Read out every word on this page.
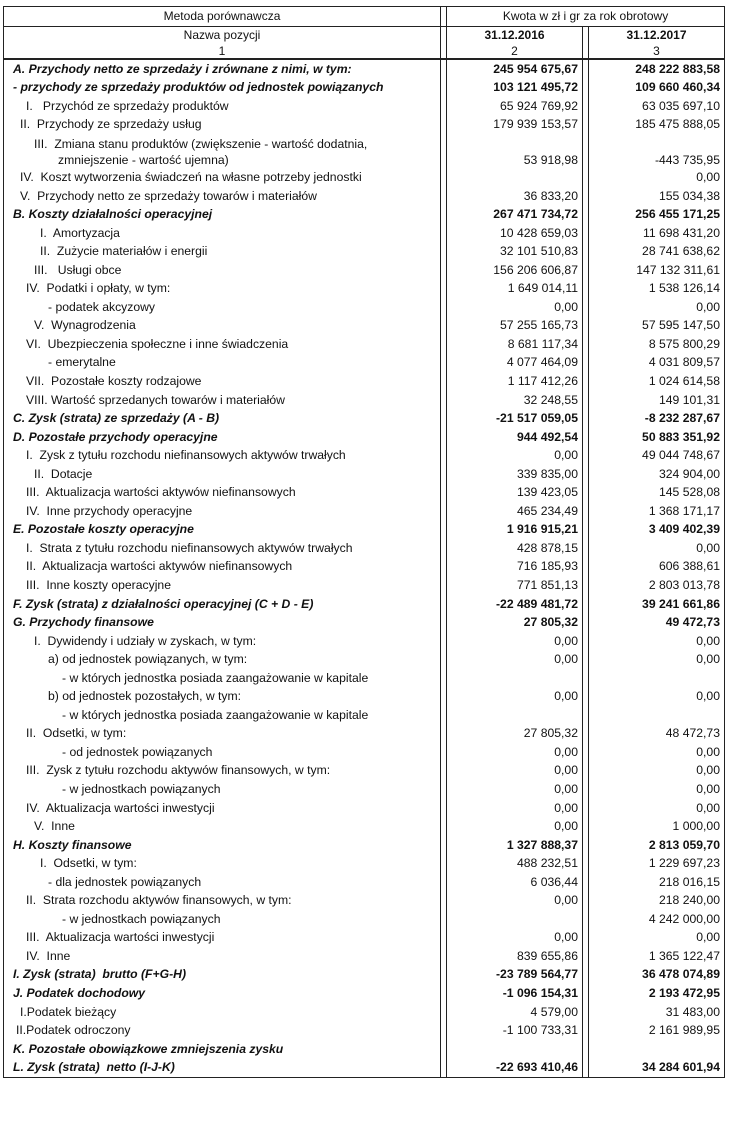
Metoda porównawcza		Kwota w zł i gr za rok obrotowy		
Nazwa pozycji		31.12.2016		31.12.2017
1		2		3

A. Przychody netto ze sprzedaży i zrównane z nimi, w tym:		245 954 675,67		248 222 883,58

- przychody ze sprzedaży produktów od jednostek powiązanych		103 121 495,72		109 660 460,34

I.   Przychód ze sprzedaży produktów		65 924 769,92		63 035 697,10

II.  Przychody ze sprzedaży usług		179 939 153,57		185 475 888,05

III.  Zmiana stanu produktów (zwiększenie - wartość dodatnia,
zmniejszenie - wartość ujemna)		53 918,98		-443 735,95

IV.  Koszt wytworzenia świadczeń na własne potrzeby jednostki				0,00

V.  Przychody netto ze sprzedaży towarów i materiałów		36 833,20		155 034,38

B. Koszty działalności operacyjnej		267 471 734,72		256 455 171,25

I.  Amortyzacja		10 428 659,03		11 698 431,20

II.  Zużycie materiałów i energii		32 101 510,83		28 741 638,62

III.   Usługi obce		156 206 606,87		147 132 311,61

IV.  Podatki i opłaty, w tym:		1 649 014,11		1 538 126,14

- podatek akcyzowy		0,00		0,00

V.  Wynagrodzenia		57 255 165,73		57 595 147,50

VI.  Ubezpieczenia społeczne i inne świadczenia		8 681 117,34		8 575 800,29

- emerytalne		4 077 464,09		4 031 809,57

VII.  Pozostałe koszty rodzajowe		1 117 412,26		1 024 614,58

VIII. Wartość sprzedanych towarów i materiałów		32 248,55		149 101,31

C. Zysk (strata) ze sprzedaży (A - B)		-21 517 059,05		-8 232 287,67

D. Pozostałe przychody operacyjne		944 492,54		50 883 351,92

I.  Zysk z tytułu rozchodu niefinansowych aktywów trwałych		0,00		49 044 748,67

II.  Dotacje		339 835,00		324 904,00

III.  Aktualizacja wartości aktywów niefinansowych		139 423,05		145 528,08

IV.  Inne przychody operacyjne		465 234,49		1 368 171,17

E. Pozostałe koszty operacyjne		1 916 915,21		3 409 402,39

I.  Strata z tytułu rozchodu niefinansowych aktywów trwałych		428 878,15		0,00

II.  Aktualizacja wartości aktywów niefinansowych		716 185,93		606 388,61

III.  Inne koszty operacyjne		771 851,13		2 803 013,78

F. Zysk (strata) z działalności operacyjnej (C + D - E)		-22 489 481,72		39 241 661,86

G. Przychody finansowe		27 805,32		49 472,73

I.  Dywidendy i udziały w zyskach, w tym:		0,00		0,00

a) od jednostek powiązanych, w tym:		0,00		0,00

- w których jednostka posiada zaangażowanie w kapitale				

b) od jednostek pozostałych, w tym:		0,00		0,00

- w których jednostka posiada zaangażowanie w kapitale				

II.  Odsetki, w tym:		27 805,32		48 472,73

- od jednostek powiązanych		0,00		0,00

III.  Zysk z tytułu rozchodu aktywów finansowych, w tym:		0,00		0,00

- w jednostkach powiązanych		0,00		0,00

IV.  Aktualizacja wartości inwestycji		0,00		0,00

V.  Inne		0,00		1 000,00

H. Koszty finansowe		1 327 888,37		2 813 059,70

I.  Odsetki, w tym:		488 232,51		1 229 697,23

- dla jednostek powiązanych		6 036,44		218 016,15

II.  Strata rozchodu aktywów finansowych, w tym:		0,00		218 240,00

- w jednostkach powiązanych				4 242 000,00

III.  Aktualizacja wartości inwestycji		0,00		0,00

IV.  Inne		839 655,86		1 365 122,47

I. Zysk (strata)  brutto (F+G-H)		-23 789 564,77		36 478 074,89

J. Podatek dochodowy		-1 096 154,31		2 193 472,95

I.Podatek bieżący		4 579,00		31 483,00

II.Podatek odroczony		-1 100 733,31		2 161 989,95

K. Pozostałe obowiązkowe zmniejszenia zysku				

L. Zysk (strata)  netto (I-J-K)		-22 693 410,46		34 284 601,94
